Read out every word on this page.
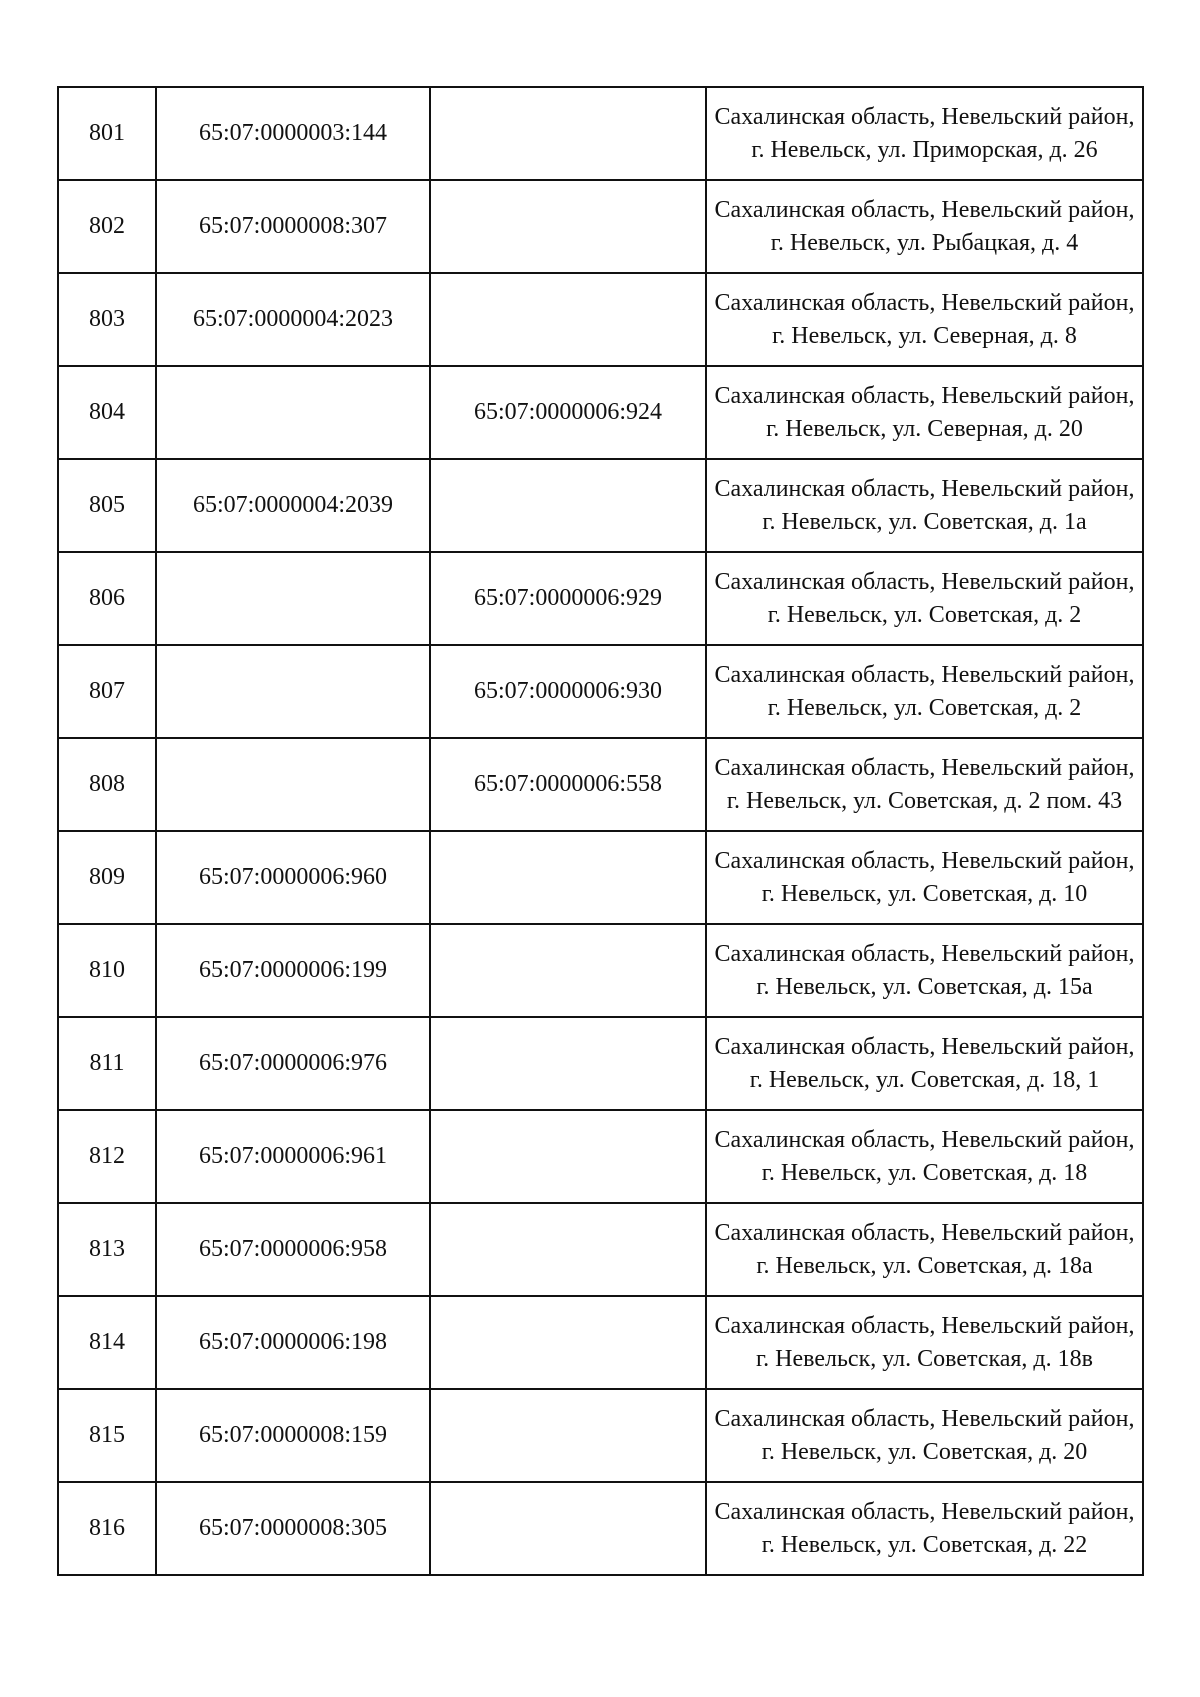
801	65:07:0000003:144		Сахалинская область, Невельский район, г. Невельск, ул. Приморская, д. 26
802	65:07:0000008:307		Сахалинская область, Невельский район, г. Невельск, ул. Рыбацкая, д. 4
803	65:07:0000004:2023		Сахалинская область, Невельский район, г. Невельск, ул. Северная, д. 8
804		65:07:0000006:924	Сахалинская область, Невельский район, г. Невельск, ул. Северная, д. 20
805	65:07:0000004:2039		Сахалинская область, Невельский район, г. Невельск, ул. Советская, д. 1а
806		65:07:0000006:929	Сахалинская область, Невельский район, г. Невельск, ул. Советская, д. 2
807		65:07:0000006:930	Сахалинская область, Невельский район, г. Невельск, ул. Советская, д. 2
808		65:07:0000006:558	Сахалинская область, Невельский район, г. Невельск, ул. Советская, д. 2 пом. 43
809	65:07:0000006:960		Сахалинская область, Невельский район, г. Невельск, ул. Советская, д. 10
810	65:07:0000006:199		Сахалинская область, Невельский район, г. Невельск, ул. Советская, д. 15а
811	65:07:0000006:976		Сахалинская область, Невельский район, г. Невельск, ул. Советская, д. 18, 1
812	65:07:0000006:961		Сахалинская область, Невельский район, г. Невельск, ул. Советская, д. 18
813	65:07:0000006:958		Сахалинская область, Невельский район, г. Невельск, ул. Советская, д. 18а
814	65:07:0000006:198		Сахалинская область, Невельский район, г. Невельск, ул. Советская, д. 18в
815	65:07:0000008:159		Сахалинская область, Невельский район, г. Невельск, ул. Советская, д. 20
816	65:07:0000008:305		Сахалинская область, Невельский район, г. Невельск, ул. Советская, д. 22
